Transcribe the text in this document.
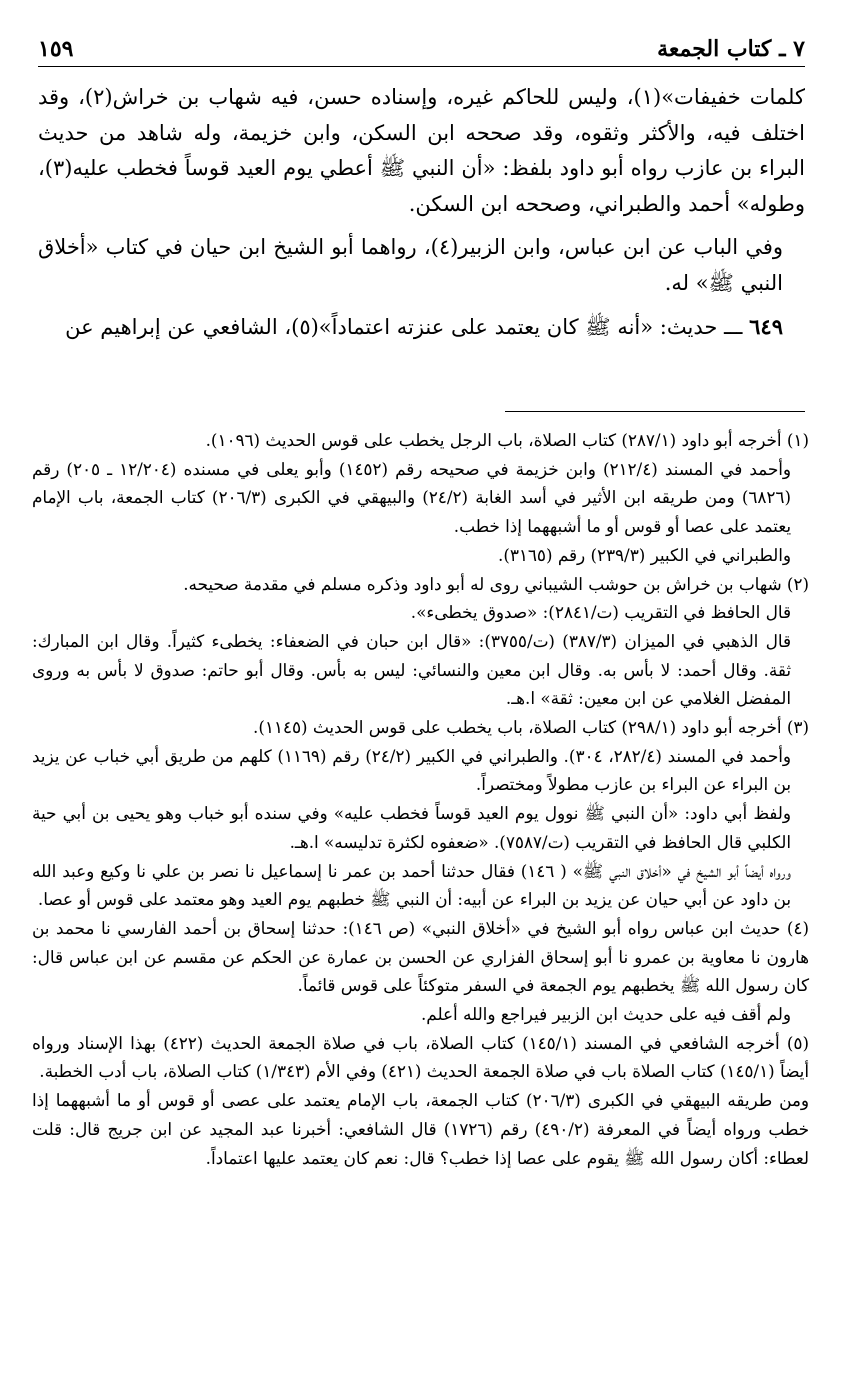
٧ ـ كتاب الجمعة
١٥٩

كلمات خفيفات»(١)، وليس للحاكم غيره، وإسناده حسن، فيه شهاب بن خراش(٢)، وقد اختلف فيه، والأكثر وثقوه، وقد صححه ابن السكن، وابن خزيمة، وله شاهد من حديث البراء بن عازب رواه أبو داود بلفظ: «أن النبي ﷺ أعطي يوم العيد قوساً فخطب عليه(٣)، وطوله» أحمد والطبراني، وصححه ابن السكن.

وفي الباب عن ابن عباس، وابن الزبير(٤)، رواهما أبو الشيخ ابن حيان في كتاب «أخلاق النبي ﷺ» له.

٦٤٩ ـــ حديث: «أنه ﷺ كان يعتمد على عنزته اعتماداً»(٥)، الشافعي عن إبراهيم عن

(١) أخرجه أبو داود (٢٨٧/١) كتاب الصلاة، باب الرجل يخطب على قوس الحديث (١٠٩٦).

وأحمد في المسند (٢١٢/٤) وابن خزيمة في صحيحه رقم (١٤٥٢) وأبو يعلى في مسنده (١٢/٢٠٤ ـ ٢٠٥) رقم (٦٨٢٦) ومن طريقه ابن الأثير في أسد الغابة (٢٤/٢) والبيهقي في الكبرى (٢٠٦/٣) كتاب الجمعة، باب الإمام يعتمد على عصا أو قوس أو ما أشبههما إذا خطب.

والطبراني في الكبير (٢٣٩/٣) رقم (٣١٦٥).

(٢) شهاب بن خراش بن حوشب الشيباني روى له أبو داود وذكره مسلم في مقدمة صحيحه.

قال الحافظ في التقريب (ت/٢٨٤١): «صدوق يخطىء».

قال الذهبي في الميزان (٣٨٧/٣) (ت/٣٧٥٥): «قال ابن حبان في الضعفاء: يخطىء كثيراً. وقال ابن المبارك: ثقة. وقال أحمد: لا بأس به. وقال ابن معين والنسائي: ليس به بأس. وقال أبو حاتم: صدوق لا بأس به وروى المفضل الغلامي عن ابن معين: ثقة» ا.هـ.

(٣) أخرجه أبو داود (٢٩٨/١) كتاب الصلاة، باب يخطب على قوس الحديث (١١٤٥).

وأحمد في المسند (٢٨٢/٤، ٣٠٤). والطبراني في الكبير (٢٤/٢) رقم (١١٦٩) كلهم من طريق أبي خباب عن يزيد بن البراء عن البراء بن عازب مطولاً ومختصراً.

ولفظ أبي داود: «أن النبي ﷺ نوول يوم العيد قوساً فخطب عليه» وفي سنده أبو خباب وهو يحيى بن أبي حية الكلبي قال الحافظ في التقريب (ت/٧٥٨٧). «ضعفوه لكثرة تدليسه» ا.هـ.

ورواه أيضاً أبو الشيخ في «أخلاق النبي ﷺ» ( ١٤٦) فقال حدثنا أحمد بن عمر نا إسماعيل نا نصر بن علي نا وكيع وعبد الله بن داود عن أبي حيان عن يزيد بن البراء عن أبيه: أن النبي ﷺ خطبهم يوم العيد وهو معتمد على قوس أو عصا.

(٤) حديث ابن عباس رواه أبو الشيخ في «أخلاق النبي» (ص ١٤٦): حدثنا إسحاق بن أحمد الفارسي نا محمد بن هارون نا معاوية بن عمرو نا أبو إسحاق الفزاري عن الحسن بن عمارة عن الحكم عن مقسم عن ابن عباس قال: كان رسول الله ﷺ يخطبهم يوم الجمعة في السفر متوكئاً على قوس قائماً.

ولم أقف فيه على حديث ابن الزبير فيراجع والله أعلم.

(٥) أخرجه الشافعي في المسند (١٤٥/١) كتاب الصلاة، باب في صلاة الجمعة الحديث (٤٢٢) بهذا الإسناد ورواه أيضاً (١٤٥/١) كتاب الصلاة باب في صلاة الجمعة الحديث (٤٢١) وفي الأم (١/٣٤٣) كتاب الصلاة، باب أدب الخطبة.

ومن طريقه البيهقي في الكبرى (٢٠٦/٣) كتاب الجمعة، باب الإمام يعتمد على عصى أو قوس أو ما أشبههما إذا خطب ورواه أيضاً في المعرفة (٤٩٠/٢) رقم (١٧٢٦) قال الشافعي: أخبرنا عبد المجيد عن ابن جريج قال: قلت لعطاء: أكان رسول الله ﷺ يقوم على عصا إذا خطب؟ قال: نعم كان يعتمد عليها اعتماداً.
